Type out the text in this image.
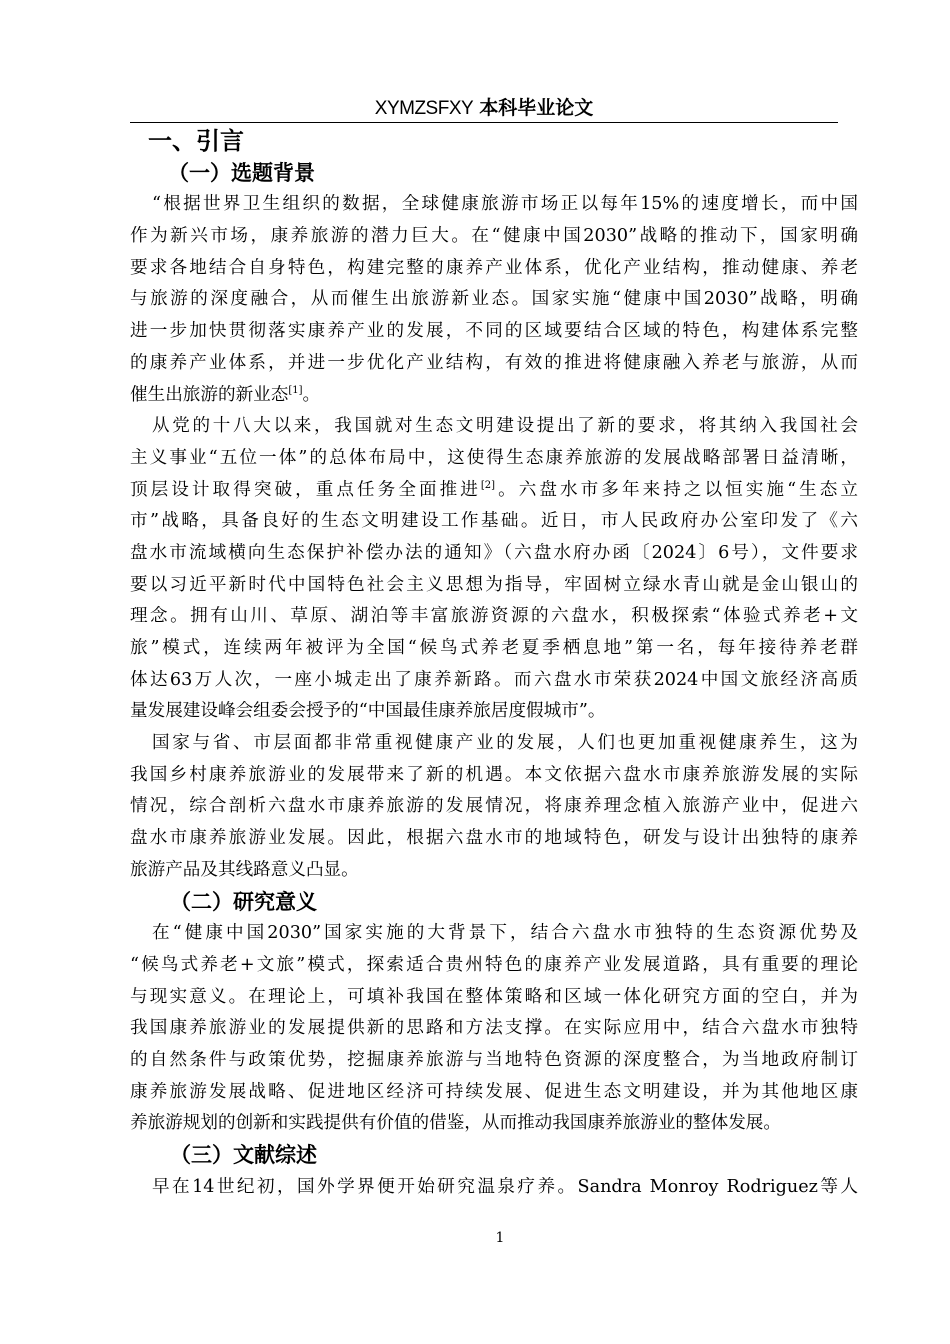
XYMZSFXY 本科毕业论文
一、引言
（一）选题背景
“根据世界卫生组织的数据，全球健康旅游市场正以每年15%的速度增长，而中国
作为新兴市场，康养旅游的潜力巨大。在“健康中国2030”战略的推动下，国家明确
要求各地结合自身特色，构建完整的康养产业体系，优化产业结构，推动健康、养老
与旅游的深度融合，从而催生出旅游新业态。国家实施“健康中国2030”战略，明确
进一步加快贯彻落实康养产业的发展，不同的区域要结合区域的特色，构建体系完整
的康养产业体系，并进一步优化产业结构，有效的推进将健康融入养老与旅游，从而
催生出旅游的新业态[1]。
从党的十八大以来，我国就对生态文明建设提出了新的要求，将其纳入我国社会
主义事业“五位一体”的总体布局中，这使得生态康养旅游的发展战略部署日益清晰，
顶层设计取得突破，重点任务全面推进[2]。六盘水市多年来持之以恒实施“生态立
市”战略，具备良好的生态文明建设工作基础。近日，市人民政府办公室印发了《六
盘水市流域横向生态保护补偿办法的通知》（六盘水府办函〔2024〕6号），文件要求
要以习近平新时代中国特色社会主义思想为指导，牢固树立绿水青山就是金山银山的
理念。拥有山川、草原、湖泊等丰富旅游资源的六盘水，积极探索“体验式养老+文
旅”模式，连续两年被评为全国“候鸟式养老夏季栖息地”第一名，每年接待养老群
体达63万人次，一座小城走出了康养新路。而六盘水市荣获2024中国文旅经济高质
量发展建设峰会组委会授予的“中国最佳康养旅居度假城市”。
国家与省、市层面都非常重视健康产业的发展，人们也更加重视健康养生，这为
我国乡村康养旅游业的发展带来了新的机遇。本文依据六盘水市康养旅游发展的实际
情况，综合剖析六盘水市康养旅游的发展情况，将康养理念植入旅游产业中，促进六
盘水市康养旅游业发展。因此，根据六盘水市的地域特色，研发与设计出独特的康养
旅游产品及其线路意义凸显。
（二）研究意义
在“健康中国2030”国家实施的大背景下，结合六盘水市独特的生态资源优势及
“候鸟式养老+文旅”模式，探索适合贵州特色的康养产业发展道路，具有重要的理论
与现实意义。在理论上，可填补我国在整体策略和区域一体化研究方面的空白，并为
我国康养旅游业的发展提供新的思路和方法支撑。在实际应用中，结合六盘水市独特
的自然条件与政策优势，挖掘康养旅游与当地特色资源的深度整合，为当地政府制订
康养旅游发展战略、促进地区经济可持续发展、促进生态文明建设，并为其他地区康
养旅游规划的创新和实践提供有价值的借鉴，从而推动我国康养旅游业的整体发展。
（三）文献综述
早在14世纪初，国外学界便开始研究温泉疗养。Sandra Monroy Rodriguez等人
1
